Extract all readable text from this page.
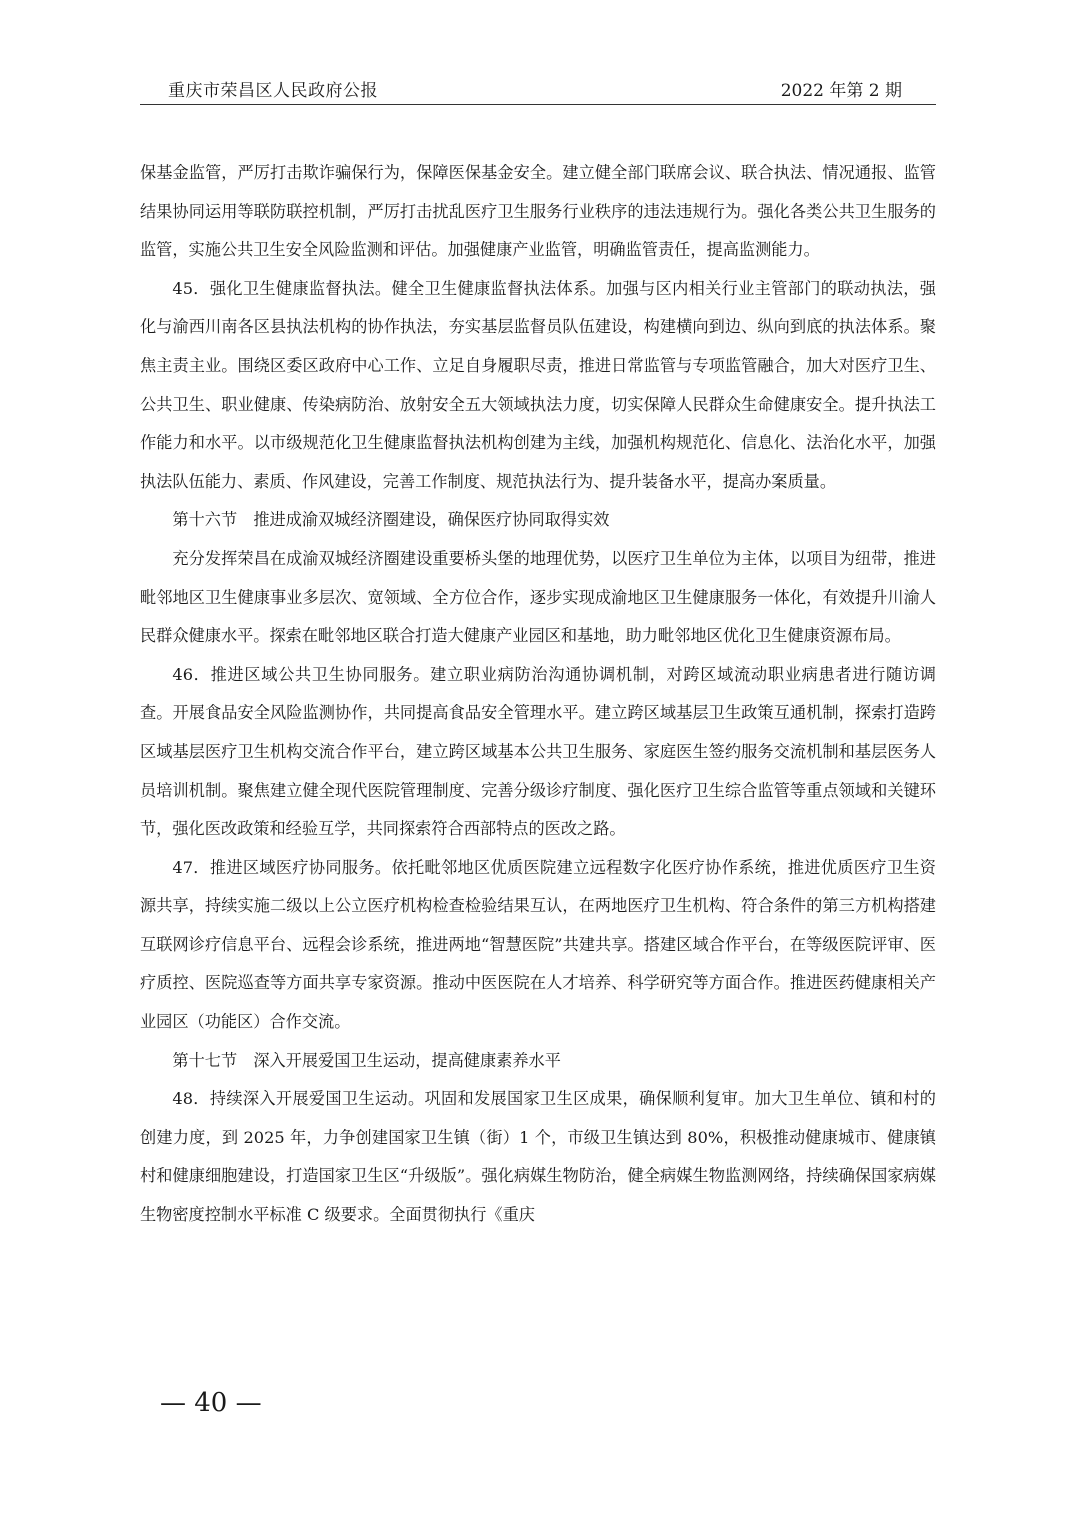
重庆市荣昌区人民政府公报	2022 年第 2 期

保基金监管，严厉打击欺诈骗保行为，保障医保基金安全。建立健全部门联席会议、联合执法、情况通报、监管结果协同运用等联防联控机制，严厉打击扰乱医疗卫生服务行业秩序的违法违规行为。强化各类公共卫生服务的监管，实施公共卫生安全风险监测和评估。加强健康产业监管，明确监管责任，提高监测能力。

45．强化卫生健康监督执法。健全卫生健康监督执法体系。加强与区内相关行业主管部门的联动执法，强化与渝西川南各区县执法机构的协作执法，夯实基层监督员队伍建设，构建横向到边、纵向到底的执法体系。聚焦主责主业。围绕区委区政府中心工作、立足自身履职尽责，推进日常监管与专项监管融合，加大对医疗卫生、公共卫生、职业健康、传染病防治、放射安全五大领域执法力度，切实保障人民群众生命健康安全。提升执法工作能力和水平。以市级规范化卫生健康监督执法机构创建为主线，加强机构规范化、信息化、法治化水平，加强执法队伍能力、素质、作风建设，完善工作制度、规范执法行为、提升装备水平，提高办案质量。

第十六节　推进成渝双城经济圈建设，确保医疗协同取得实效

充分发挥荣昌在成渝双城经济圈建设重要桥头堡的地理优势，以医疗卫生单位为主体，以项目为纽带，推进毗邻地区卫生健康事业多层次、宽领域、全方位合作，逐步实现成渝地区卫生健康服务一体化，有效提升川渝人民群众健康水平。探索在毗邻地区联合打造大健康产业园区和基地，助力毗邻地区优化卫生健康资源布局。

46．推进区域公共卫生协同服务。建立职业病防治沟通协调机制，对跨区域流动职业病患者进行随访调查。开展食品安全风险监测协作，共同提高食品安全管理水平。建立跨区域基层卫生政策互通机制，探索打造跨区域基层医疗卫生机构交流合作平台，建立跨区域基本公共卫生服务、家庭医生签约服务交流机制和基层医务人员培训机制。聚焦建立健全现代医院管理制度、完善分级诊疗制度、强化医疗卫生综合监管等重点领域和关键环节，强化医改政策和经验互学，共同探索符合西部特点的医改之路。

47．推进区域医疗协同服务。依托毗邻地区优质医院建立远程数字化医疗协作系统，推进优质医疗卫生资源共享，持续实施二级以上公立医疗机构检查检验结果互认，在两地医疗卫生机构、符合条件的第三方机构搭建互联网诊疗信息平台、远程会诊系统，推进两地“智慧医院”共建共享。搭建区域合作平台，在等级医院评审、医疗质控、医院巡查等方面共享专家资源。推动中医医院在人才培养、科学研究等方面合作。推进医药健康相关产业园区（功能区）合作交流。

第十七节　深入开展爱国卫生运动，提高健康素养水平

48．持续深入开展爱国卫生运动。巩固和发展国家卫生区成果，确保顺利复审。加大卫生单位、镇和村的创建力度，到 2025 年，力争创建国家卫生镇（街）1 个，市级卫生镇达到 80%，积极推动健康城市、健康镇村和健康细胞建设，打造国家卫生区“升级版”。强化病媒生物防治，健全病媒生物监测网络，持续确保国家病媒生物密度控制水平标准 C 级要求。全面贯彻执行《重庆

— 40 —
